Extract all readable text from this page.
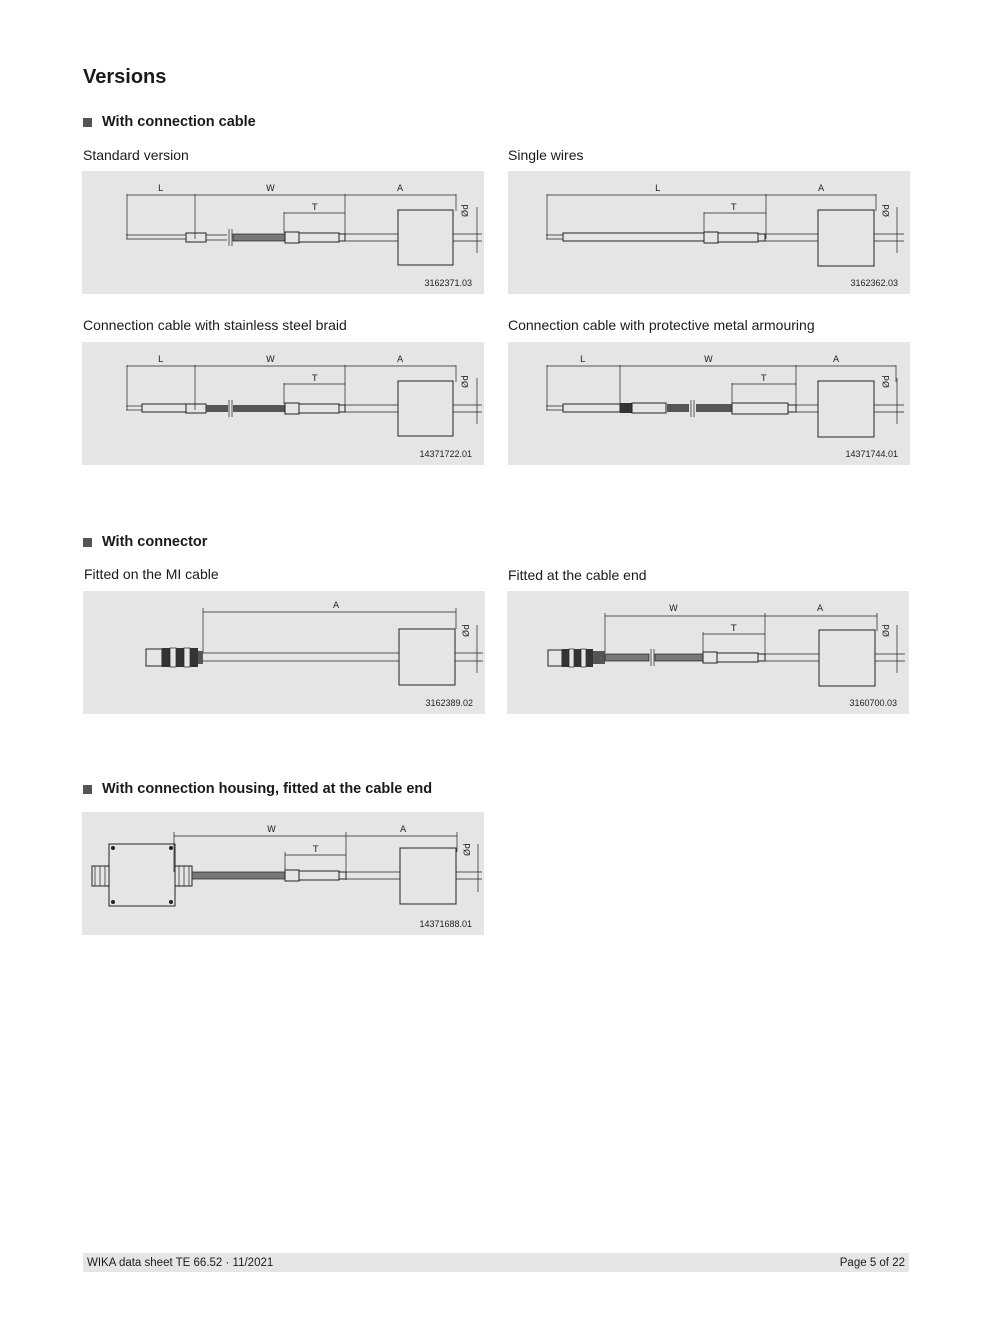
Versions
With connection cable
Standard version	Single wires
L	W	A
T	Ød
3162371.03
L	A
T	Ød
3162362.03
Connection cable with stainless steel braid	Connection cable with protective metal armouring
L	W	A
T	Ød
14371722.01
L	W	A
T	Ød
14371744.01
With connector
Fitted on the MI cable	Fitted at the cable end
A
Ød
3162389.02
W	A
T	Ød
3160700.03
With connection housing, fitted at the cable end
W	A
T	Ød
14371688.01
WIKA data sheet TE 66.52 · 11/2021	Page 5 of 22
